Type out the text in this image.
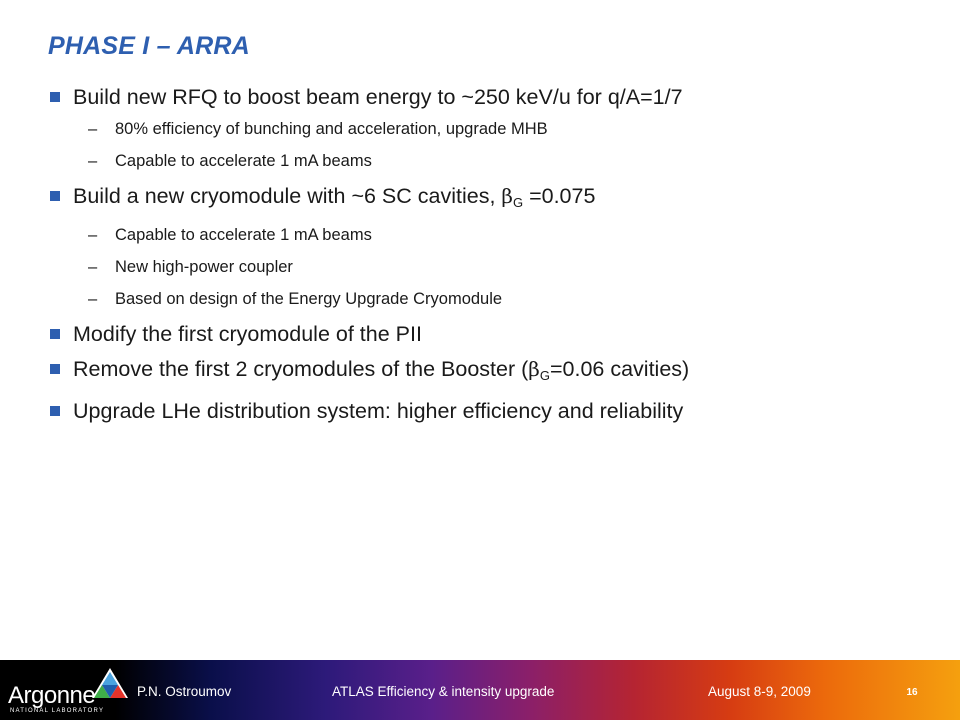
PHASE I – ARRA
Build new RFQ to boost beam energy to ~250 keV/u for q/A=1/7
– 80% efficiency of bunching and acceleration, upgrade MHB
– Capable to accelerate 1 mA beams
Build a new cryomodule with ~6 SC cavities, βG =0.075
– Capable to accelerate 1 mA beams
– New high-power coupler
– Based on design of the Energy Upgrade Cryomodule
Modify the first cryomodule of the PII
Remove the first 2 cryomodules of the Booster (βG=0.06 cavities)
Upgrade LHe distribution system: higher efficiency and reliability
Argonne
NATIONAL LABORATORY
P.N. Ostroumov	ATLAS Efficiency & intensity upgrade	August 8-9, 2009	16
